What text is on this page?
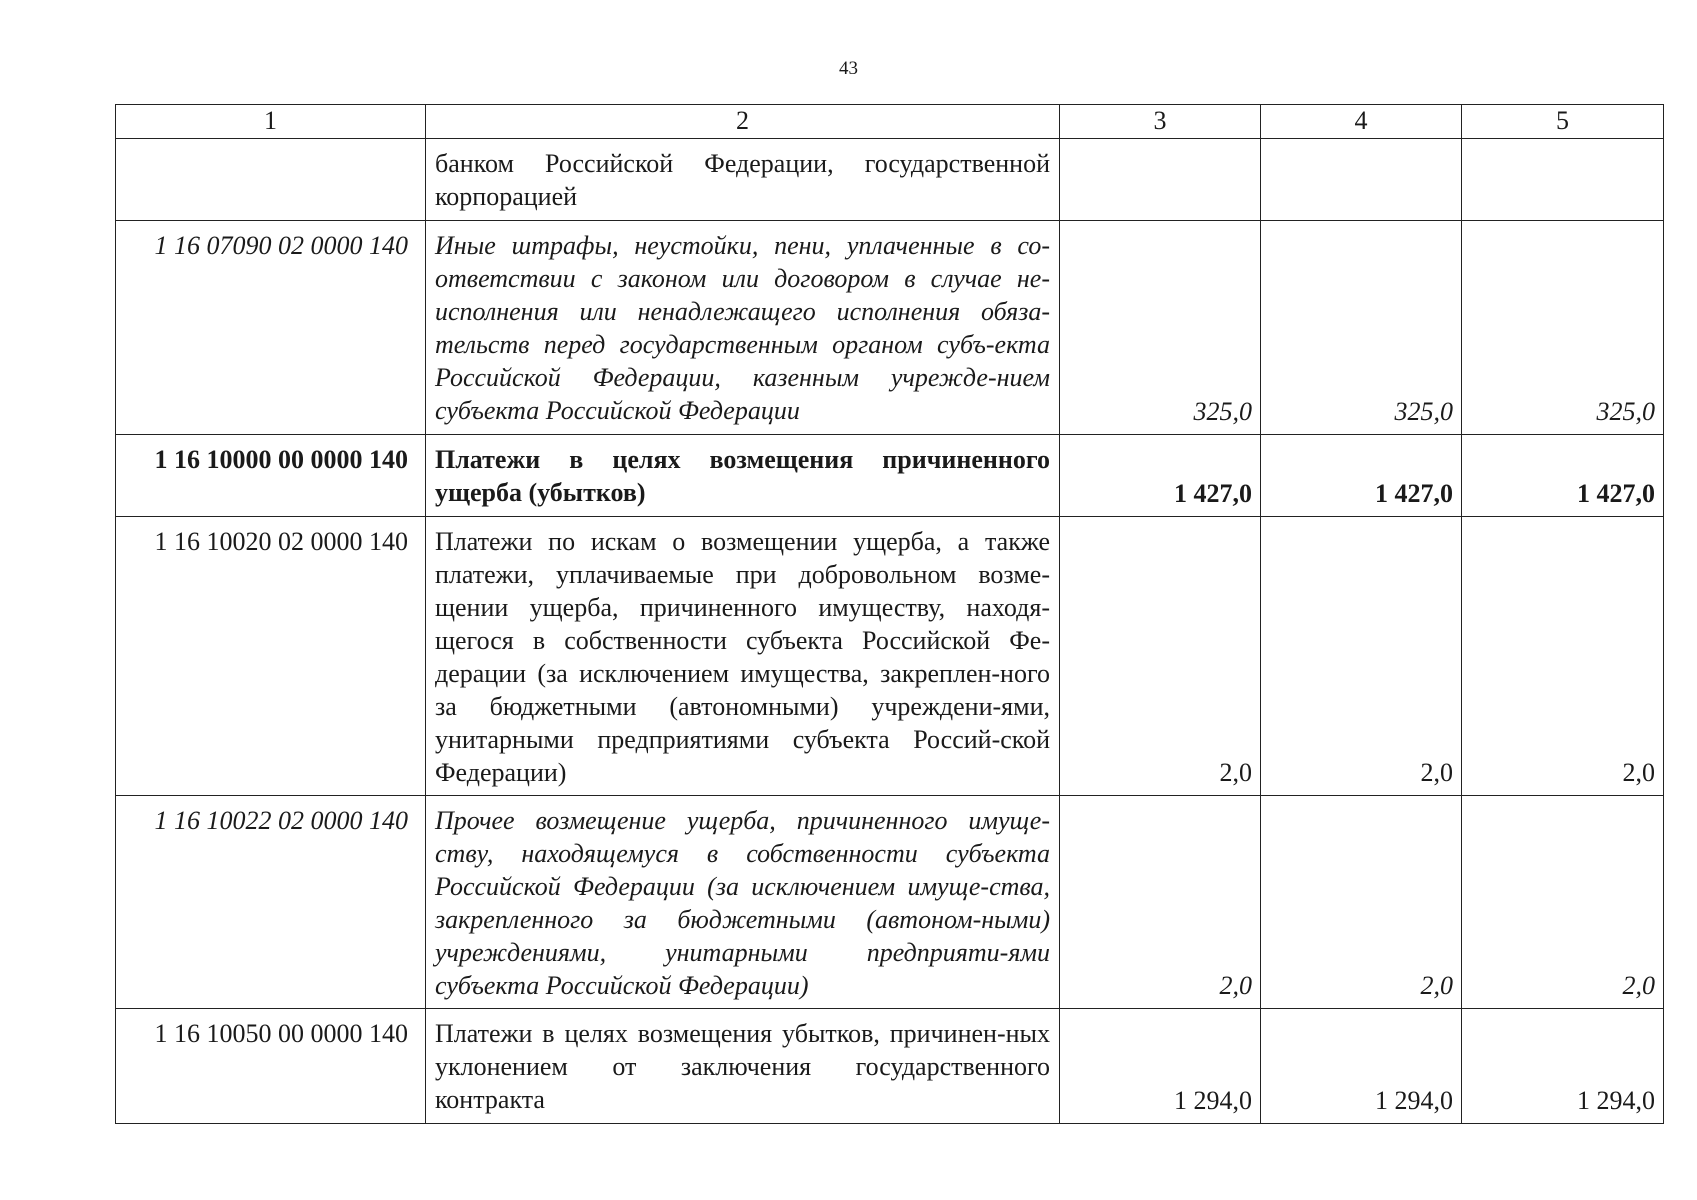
43
1	2	3	4	5
	банком Российской Федерации, государственной корпорацией			
1 16 07090 02 0000 140	Иные штрафы, неустойки, пени, уплаченные в со-ответствии с законом или договором в случае не-исполнения или ненадлежащего исполнения обяза-тельств перед государственным органом субъ-екта Российской Федерации, казенным учрежде-нием субъекта Российской Федерации	325,0	325,0	325,0
1 16 10000 00 0000 140	Платежи в целях возмещения причиненного ущерба (убытков)	1 427,0	1 427,0	1 427,0
1 16 10020 02 0000 140	Платежи по искам о возмещении ущерба, а также платежи, уплачиваемые при добровольном возме-щении ущерба, причиненного имуществу, находя-щегося в собственности субъекта Российской Фе-дерации (за исключением имущества, закреплен-ного за бюджетными (автономными) учреждени-ями, унитарными предприятиями субъекта Россий-ской Федерации)	2,0	2,0	2,0
1 16 10022 02 0000 140	Прочее возмещение ущерба, причиненного имуще-ству, находящемуся в собственности субъекта Российской Федерации (за исключением имуще-ства, закрепленного за бюджетными (автоном-ными) учреждениями, унитарными предприяти-ями субъекта Российской Федерации)	2,0	2,0	2,0
1 16 10050 00 0000 140	Платежи в целях возмещения убытков, причинен-ных уклонением от заключения государственного контракта	1 294,0	1 294,0	1 294,0
